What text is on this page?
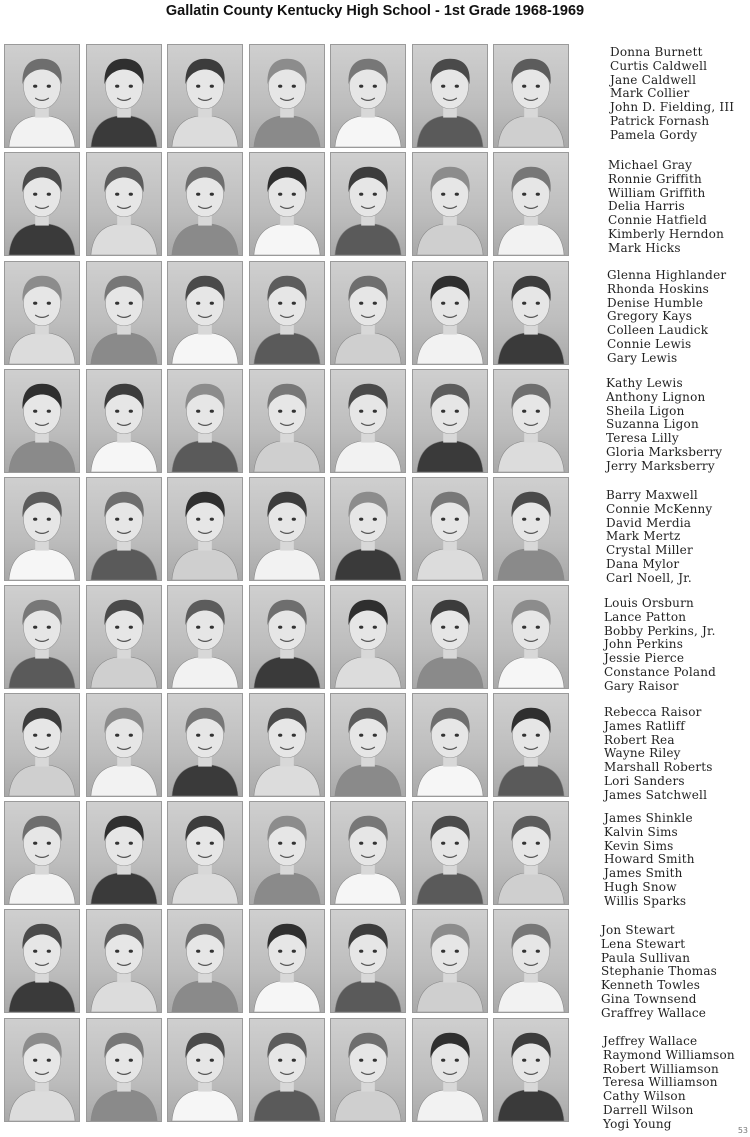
Gallatin County Kentucky High School - 1st Grade 1968-1969
Donna Burnett
Curtis Caldwell
Jane Caldwell
Mark Collier
John D. Fielding, III
Patrick Fornash
Pamela Gordy
Michael Gray
Ronnie Griffith
William Griffith
Delia Harris
Connie Hatfield
Kimberly Herndon
Mark Hicks
Glenna Highlander
Rhonda Hoskins
Denise Humble
Gregory Kays
Colleen Laudick
Connie Lewis
Gary Lewis
Kathy Lewis
Anthony Lignon
Sheila Ligon
Suzanna Ligon
Teresa Lilly
Gloria Marksberry
Jerry Marksberry
Barry Maxwell
Connie McKenny
David Merdia
Mark Mertz
Crystal Miller
Dana Mylor
Carl Noell, Jr.
Louis Orsburn
Lance Patton
Bobby Perkins, Jr.
John Perkins
Jessie Pierce
Constance Poland
Gary Raisor
Rebecca Raisor
James Ratliff
Robert Rea
Wayne Riley
Marshall Roberts
Lori Sanders
James Satchwell
James Shinkle
Kalvin Sims
Kevin Sims
Howard Smith
James Smith
Hugh Snow
Willis Sparks
Jon Stewart
Lena Stewart
Paula Sullivan
Stephanie Thomas
Kenneth Towles
Gina Townsend
Graffrey Wallace
Jeffrey Wallace
Raymond Williamson
Robert Williamson
Teresa Williamson
Cathy Wilson
Darrell Wilson
Yogi Young	53
